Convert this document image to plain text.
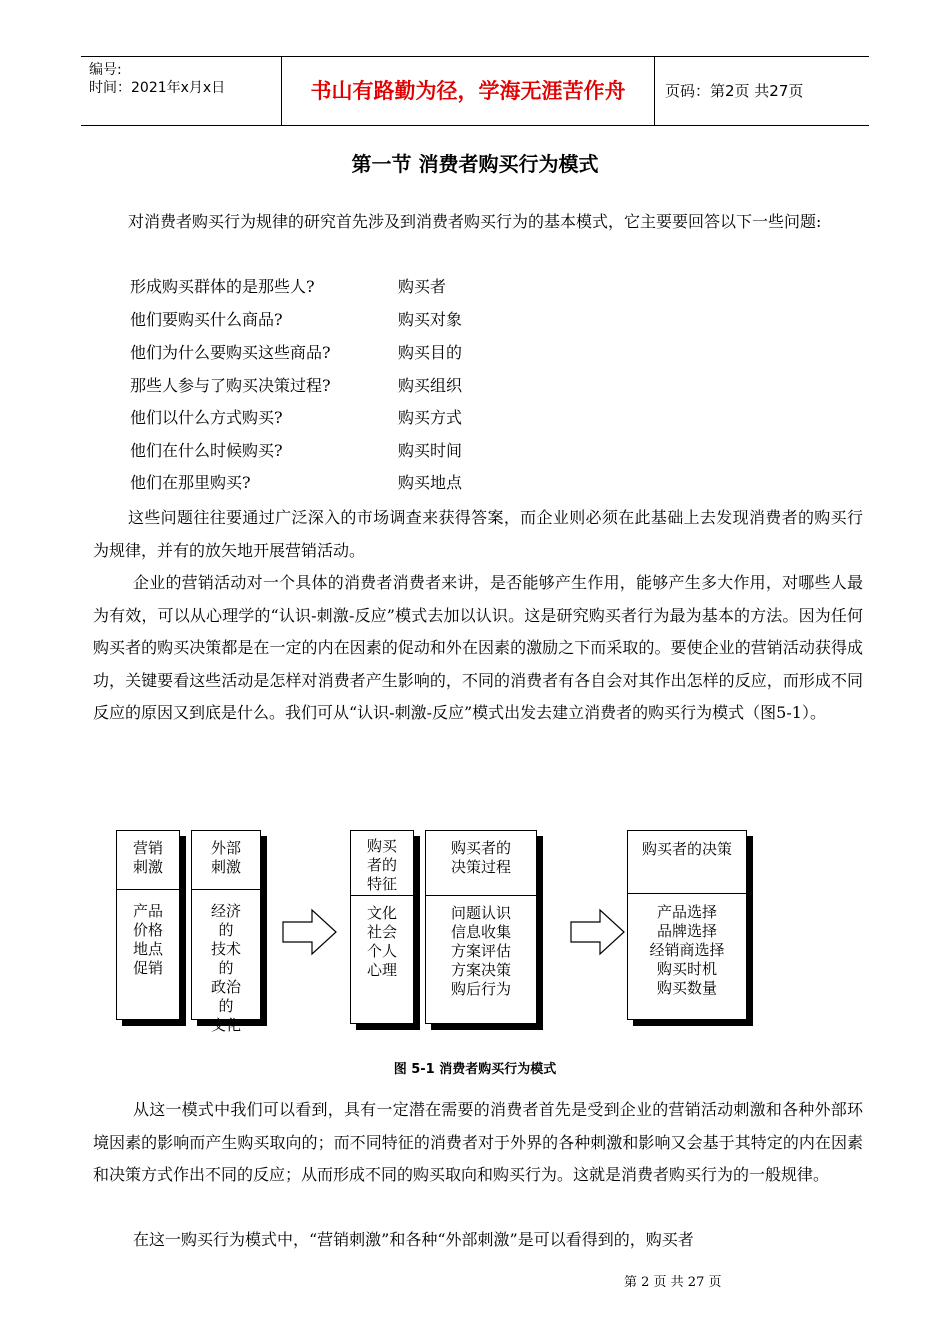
编号:
时间：2021年x月x日	书山有路勤为径，学海无涯苦作舟	页码：第2页 共27页
第一节 消费者购买行为模式

对消费者购买行为规律的研究首先涉及到消费者购买行为的基本模式，它主要要回答以下一些问题:

形成购买群体的是那些人?	购买者
他们要购买什么商品?	购买对象
他们为什么要购买这些商品?	购买目的
那些人参与了购买决策过程?	购买组织
他们以什么方式购买?	购买方式
他们在什么时候购买?	购买时间
他们在那里购买?	购买地点

这些问题往往要通过广泛深入的市场调查来获得答案，而企业则必须在此基础上去发现消费者的购买行为规律，并有的放矢地开展营销活动。

企业的营销活动对一个具体的消费者消费者来讲，是否能够产生作用，能够产生多大作用，对哪些人最为有效，可以从心理学的“认识-刺激-反应”模式去加以认识。这是研究购买者行为最为基本的方法。因为任何购买者的购买决策都是在一定的内在因素的促动和外在因素的激励之下而采取的。要使企业的营销活动获得成功，关键要看这些活动是怎样对消费者产生影响的，不同的消费者有各自会对其作出怎样的反应，而形成不同反应的原因又到底是什么。我们可从“认识-刺激-反应”模式出发去建立消费者的购买行为模式（图5-1）。

营销
刺激
产品
价格
地点
促销
外部
刺激
经济
的
技术
的
政治
的
文化
购买
者的
特征
文化
社会
个人
心理
购买者的
决策过程
问题认识
信息收集
方案评估
方案决策
购后行为
购买者的决策
产品选择
品牌选择
经销商选择
购买时机
购买数量
图 5-1 消费者购买行为模式

从这一模式中我们可以看到，具有一定潜在需要的消费者首先是受到企业的营销活动刺激和各种外部环境因素的影响而产生购买取向的；而不同特征的消费者对于外界的各种刺激和影响又会基于其特定的内在因素和决策方式作出不同的反应；从而形成不同的购买取向和购买行为。这就是消费者购买行为的一般规律。

在这一购买行为模式中，“营销刺激”和各种“外部刺激”是可以看得到的，购买者

第 2 页 共 27 页
